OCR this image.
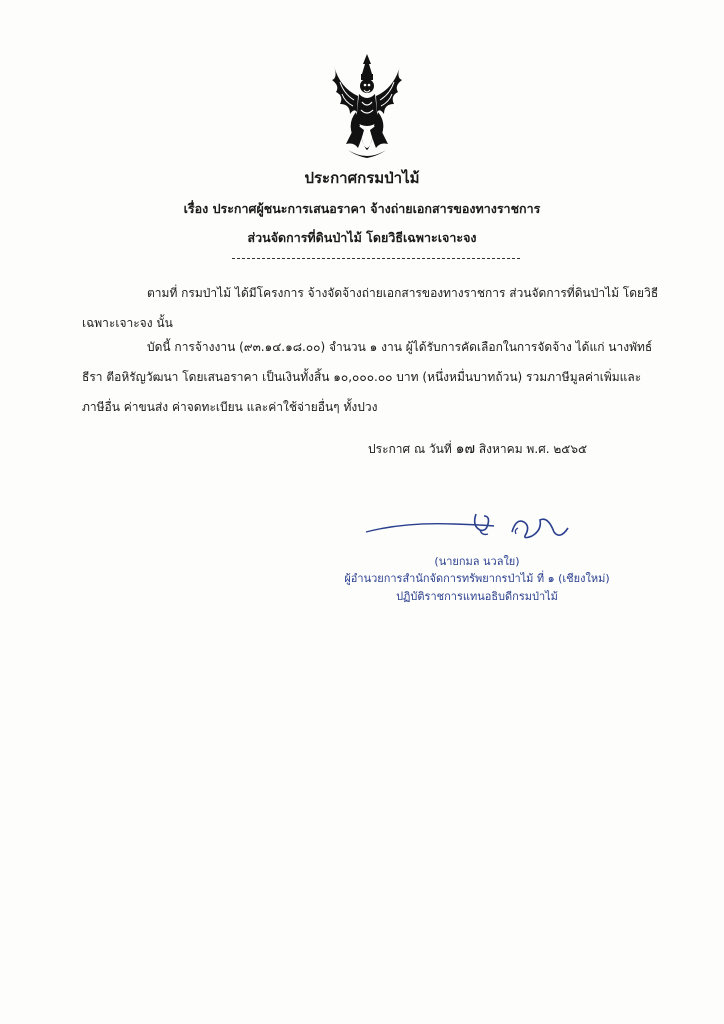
ประกาศกรมป่าไม้
เรื่อง ประกาศผู้ชนะการเสนอราคา จ้างถ่ายเอกสารของทางราชการ
ส่วนจัดการที่ดินป่าไม้ โดยวิธีเฉพาะเจาะจง

ตามที่ กรมป่าไม้ ได้มีโครงการ จ้างจัดจ้างถ่ายเอกสารของทางราชการ ส่วนจัดการที่ดินป่าไม้ โดยวิธีเฉพาะเจาะจง นั้น

บัดนี้ การจ้างงาน (๙๓.๑๔.๑๘.๐๐) จำนวน ๑ งาน ผู้ได้รับการคัดเลือกในการจัดจ้าง ได้แก่ นางพัทธ์ธีรา ตีอหิรัญวัฒนา โดยเสนอราคา เป็นเงินทั้งสิ้น ๑๐,๐๐๐.๐๐ บาท (หนึ่งหมื่นบาทถ้วน) รวมภาษีมูลค่าเพิ่มและภาษีอื่น ค่าขนส่ง ค่าจดทะเบียน และค่าใช้จ่ายอื่นๆ ทั้งปวง

ประกาศ ณ วันที่ ๑๗ สิงหาคม พ.ศ. ๒๕๖๕
(นายกมล นวลใย)
ผู้อำนวยการสำนักจัดการทรัพยากรป่าไม้ ที่ ๑ (เชียงใหม่)
ปฏิบัติราชการแทนอธิบดีกรมป่าไม้
